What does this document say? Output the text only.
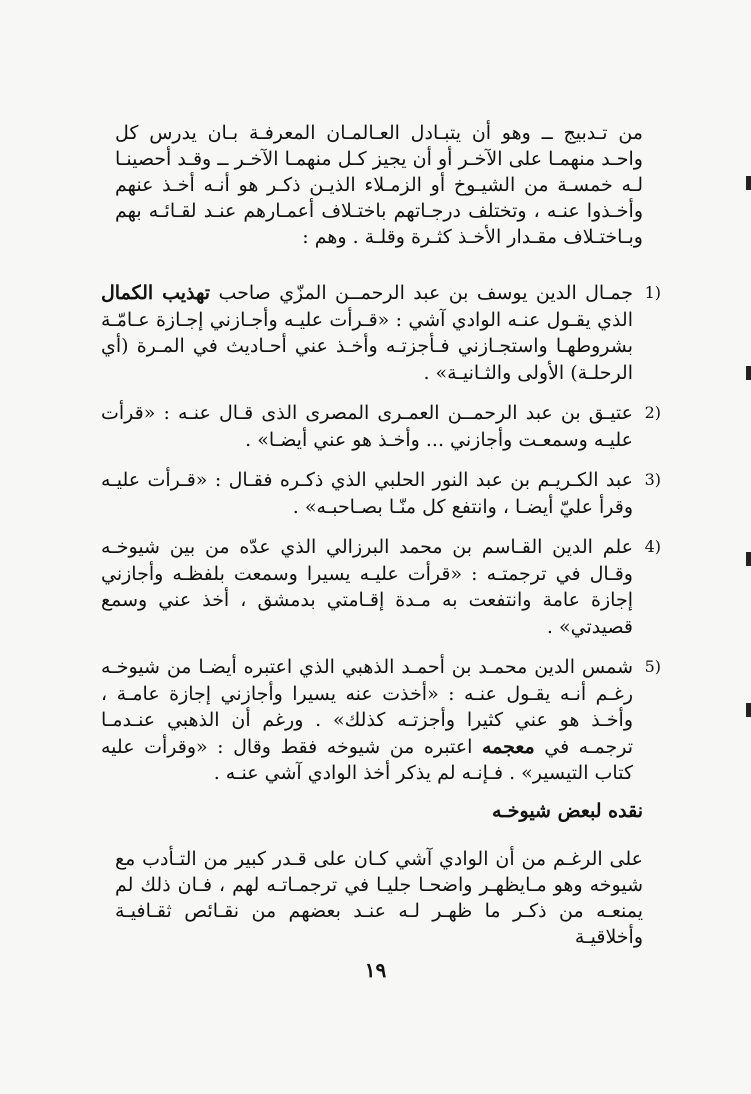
من تـدبيج ــ وهو أن يتبـادل العـالمـان المعرفـة بـان يدرس كل واحـد منهمـا على الآخـر أو أن يجيز كـل منهمـا الآخـر ــ وقـد أحصينـا لـه خمسـة من الشيـوخ أو الزمـلاء الذيـن ذكـر هو أنـه أخـذ عنهم وأخـذوا عنـه ، وتختلف درجـاتهم باختـلاف أعمـارهم عنـد لقـائـه بهم وبـاختـلاف مقـدار الأخـذ كثـرة وقلـة . وهم :

1)
جمـال الدين يوسف بن عبد الرحمــن المزّي صاحب تهذيب الكمال الذي يقـول عنـه الوادي آشي : «قـرأت عليـه وأجـازني إجـازة عـامّـة بشروطهـا واستجـازني فـأجزتـه وأخـذ عني أحـاديث في المـرة (أي الرحلـة) الأولى والثـانيـة» .
2)
عتيـق بن عبد الرحمــن العمـرى المصرى الذى قـال عنـه : «قرأت عليـه وسمعـت وأجازني ... وأخـذ هو عني أيضـا» .
3)
عبد الكـريـم بن عبد النور الحلبي الذي ذكـره فقـال : «قـرأت عليـه وقرأ عليّ أيضـا ، وانتفع كل منّـا بصـاحبـه» .
4)
علم الدين القـاسم بن محمد البرزالي الذي عدّه من بين شيوخـه وقـال في ترجمتـه : «قرأت عليـه يسيرا وسمعت بلفظـه وأجازني إجازة عامة وانتفعت به مـدة إقـامتي بدمشق ، أخذ عني وسمع قصيدتي» .
5)
شمس الدين محمـد بن أحمـد الذهبي الذي اعتبره أيضـا من شيوخـه رغـم أنـه يقـول عنـه : «أخذت عنه يسيرا وأجازني إجازة عامـة ، وأخـذ هو عني كثيرا وأجزتـه كذلك» . ورغم أن الذهبي عنـدمـا ترجمـه في معجمه اعتبره من شيوخه فقط وقال : «وقرأت عليه كتاب التيسير» . فـإنـه لم يذكر أخذ الوادي آشي عنـه .
نقده لبعض شيوخـه

على الرغـم من أن الوادي آشي كـان على قـدر كبير من التـأدب مع شيوخه وهو مـايظهـر واضحـا جليـا في ترجمـاتـه لهم ، فـان ذلك لم يمنعـه من ذكـر ما ظهـر لـه عنـد بعضهم من نقـائص ثقـافيـة وأخلاقيـة

١٩
